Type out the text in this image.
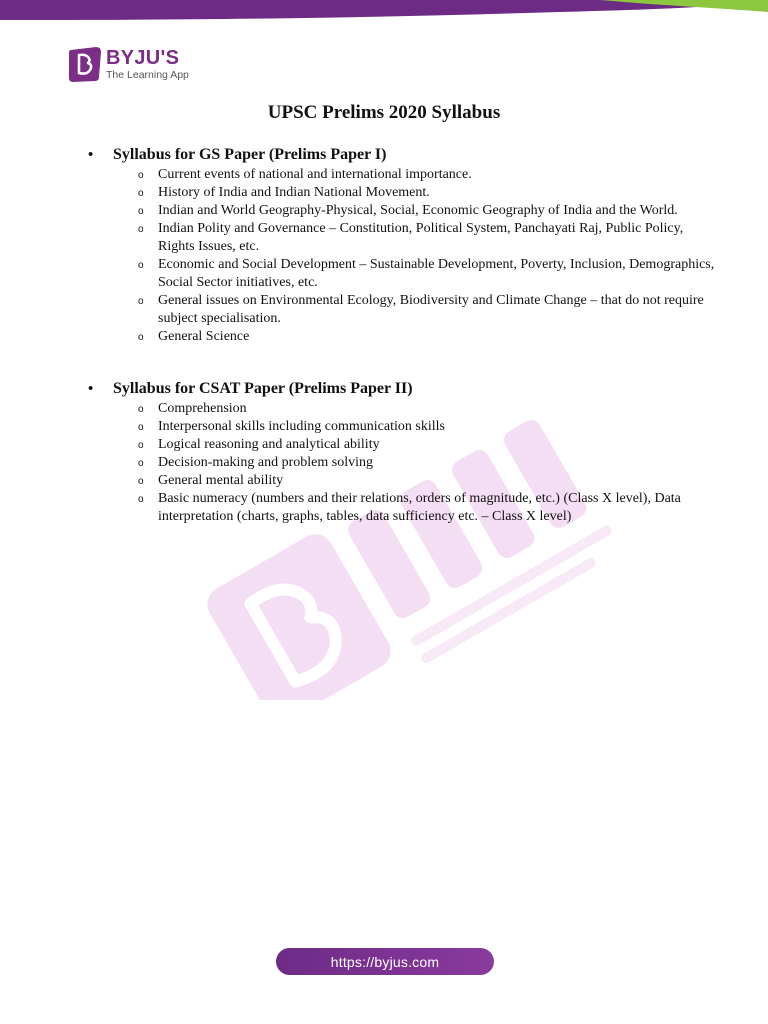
BYJU'S
The Learning App
UPSC Prelims 2020 Syllabus
• Syllabus for GS Paper (Prelims Paper I)
o Current events of national and international importance.
o History of India and Indian National Movement.
o Indian and World Geography-Physical, Social, Economic Geography of India and the World.
o Indian Polity and Governance – Constitution, Political System, Panchayati Raj, Public Policy, Rights Issues, etc.
o Economic and Social Development – Sustainable Development, Poverty, Inclusion, Demographics, Social Sector initiatives, etc.
o General issues on Environmental Ecology, Biodiversity and Climate Change – that do not require subject specialisation.
o General Science
• Syllabus for CSAT Paper (Prelims Paper II)
o Comprehension
o Interpersonal skills including communication skills
o Logical reasoning and analytical ability
o Decision-making and problem solving
o General mental ability
o Basic numeracy (numbers and their relations, orders of magnitude, etc.) (Class X level), Data interpretation (charts, graphs, tables, data sufficiency etc. – Class X level)
https://byjus.com
